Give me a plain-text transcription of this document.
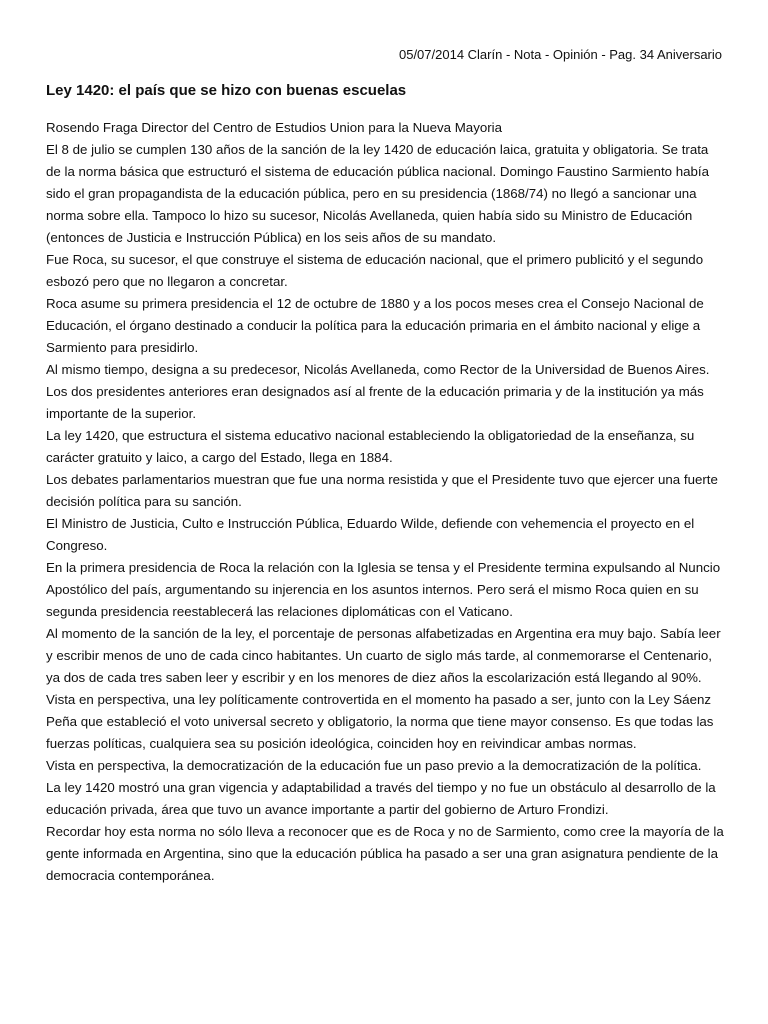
05/07/2014 Clarín - Nota - Opinión - Pag. 34 Aniversario
Ley 1420: el país que se hizo con buenas escuelas

Rosendo Fraga Director del Centro de Estudios Union para la Nueva Mayoria

El 8 de julio se cumplen 130 años de la sanción de la ley 1420 de educación laica, gratuita y obligatoria. Se trata de la norma básica que estructuró el sistema de educación pública nacional. Domingo Faustino Sarmiento había sido el gran propagandista de la educación pública, pero en su presidencia (1868/74) no llegó a sancionar una norma sobre ella. Tampoco lo hizo su sucesor, Nicolás Avellaneda, quien había sido su Ministro de Educación (entonces de Justicia e Instrucción Pública) en los seis años de su mandato.

Fue Roca, su sucesor, el que construye el sistema de educación nacional, que el primero publicitó y el segundo esbozó pero que no llegaron a concretar.

Roca asume su primera presidencia el 12 de octubre de 1880 y a los pocos meses crea el Consejo Nacional de Educación, el órgano destinado a conducir la política para la educación primaria en el ámbito nacional y elige a Sarmiento para presidirlo.

Al mismo tiempo, designa a su predecesor, Nicolás Avellaneda, como Rector de la Universidad de Buenos Aires. Los dos presidentes anteriores eran designados así al frente de la educación primaria y de la institución ya más importante de la superior.

La ley 1420, que estructura el sistema educativo nacional estableciendo la obligatoriedad de la enseñanza, su carácter gratuito y laico, a cargo del Estado, llega en 1884.

Los debates parlamentarios muestran que fue una norma resistida y que el Presidente tuvo que ejercer una fuerte decisión política para su sanción.

El Ministro de Justicia, Culto e Instrucción Pública, Eduardo Wilde, defiende con vehemencia el proyecto en el Congreso.

En la primera presidencia de Roca la relación con la Iglesia se tensa y el Presidente termina expulsando al Nuncio Apostólico del país, argumentando su injerencia en los asuntos internos. Pero será el mismo Roca quien en su segunda presidencia reestablecerá las relaciones diplomáticas con el Vaticano.

Al momento de la sanción de la ley, el porcentaje de personas alfabetizadas en Argentina era muy bajo. Sabía leer y escribir menos de uno de cada cinco habitantes. Un cuarto de siglo más tarde, al conmemorarse el Centenario, ya dos de cada tres saben leer y escribir y en los menores de diez años la escolarización está llegando al 90%.

Vista en perspectiva, una ley políticamente controvertida en el momento ha pasado a ser, junto con la Ley Sáenz Peña que estableció el voto universal secreto y obligatorio, la norma que tiene mayor consenso. Es que todas las fuerzas políticas, cualquiera sea su posición ideológica, coinciden hoy en reivindicar ambas normas.

Vista en perspectiva, la democratización de la educación fue un paso previo a la democratización de la política.

La ley 1420 mostró una gran vigencia y adaptabilidad a través del tiempo y no fue un obstáculo al desarrollo de la educación privada, área que tuvo un avance importante a partir del gobierno de Arturo Frondizi.

Recordar hoy esta norma no sólo lleva a reconocer que es de Roca y no de Sarmiento, como cree la mayoría de la gente informada en Argentina, sino que la educación pública ha pasado a ser una gran asignatura pendiente de la democracia contemporánea.
